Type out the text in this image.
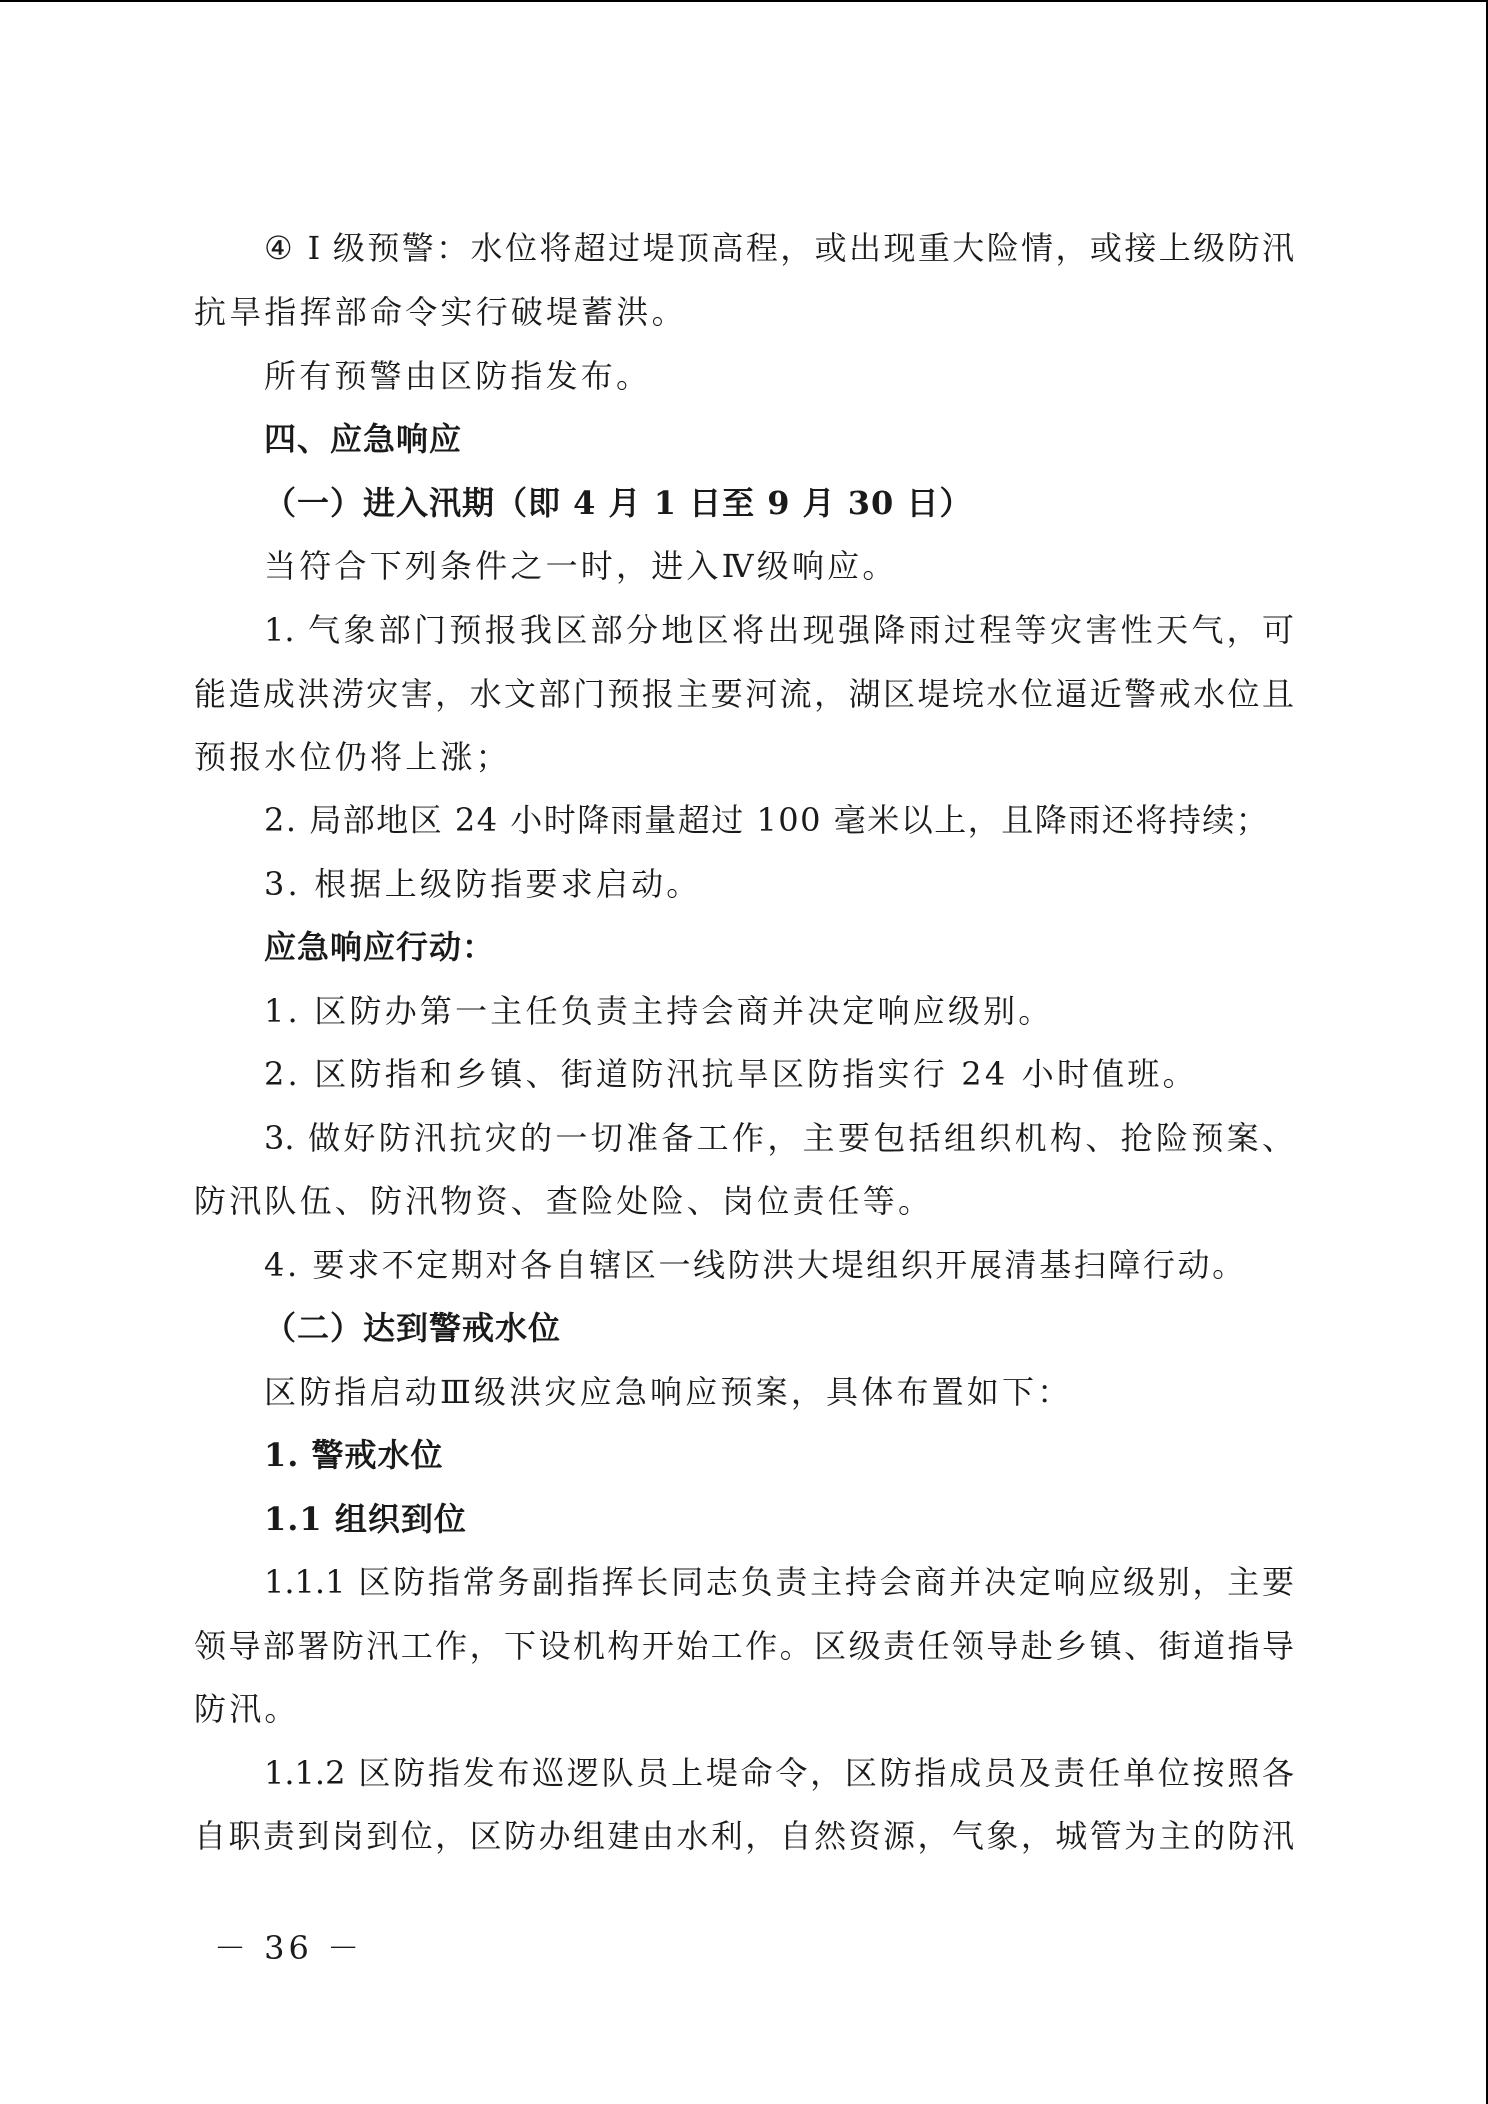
④ I 级预警：水位将超过堤顶高程，或出现重大险情，或接上级防汛
抗旱指挥部命令实行破堤蓄洪。
所有预警由区防指发布。
四、应急响应
（一）进入汛期（即 4 月 1 日至 9 月 30 日）
当符合下列条件之一时，进入Ⅳ级响应。
1. 气象部门预报我区部分地区将出现强降雨过程等灾害性天气，可
能造成洪涝灾害，水文部门预报主要河流，湖区堤垸水位逼近警戒水位且
预报水位仍将上涨；
2. 局部地区 24 小时降雨量超过 100 毫米以上，且降雨还将持续；
3. 根据上级防指要求启动。
应急响应行动：
1. 区防办第一主任负责主持会商并决定响应级别。
2. 区防指和乡镇、街道防汛抗旱区防指实行 24 小时值班。
3. 做好防汛抗灾的一切准备工作，主要包括组织机构、抢险预案、
防汛队伍、防汛物资、查险处险、岗位责任等。
4. 要求不定期对各自辖区一线防洪大堤组织开展清基扫障行动。
（二）达到警戒水位
区防指启动Ⅲ级洪灾应急响应预案，具体布置如下：
1. 警戒水位
1.1 组织到位
1.1.1 区防指常务副指挥长同志负责主持会商并决定响应级别，主要
领导部署防汛工作，下设机构开始工作。区级责任领导赴乡镇、街道指导
防汛。
1.1.2 区防指发布巡逻队员上堤命令，区防指成员及责任单位按照各
自职责到岗到位，区防办组建由水利，自然资源，气象，城管为主的防汛
－ 36 －
